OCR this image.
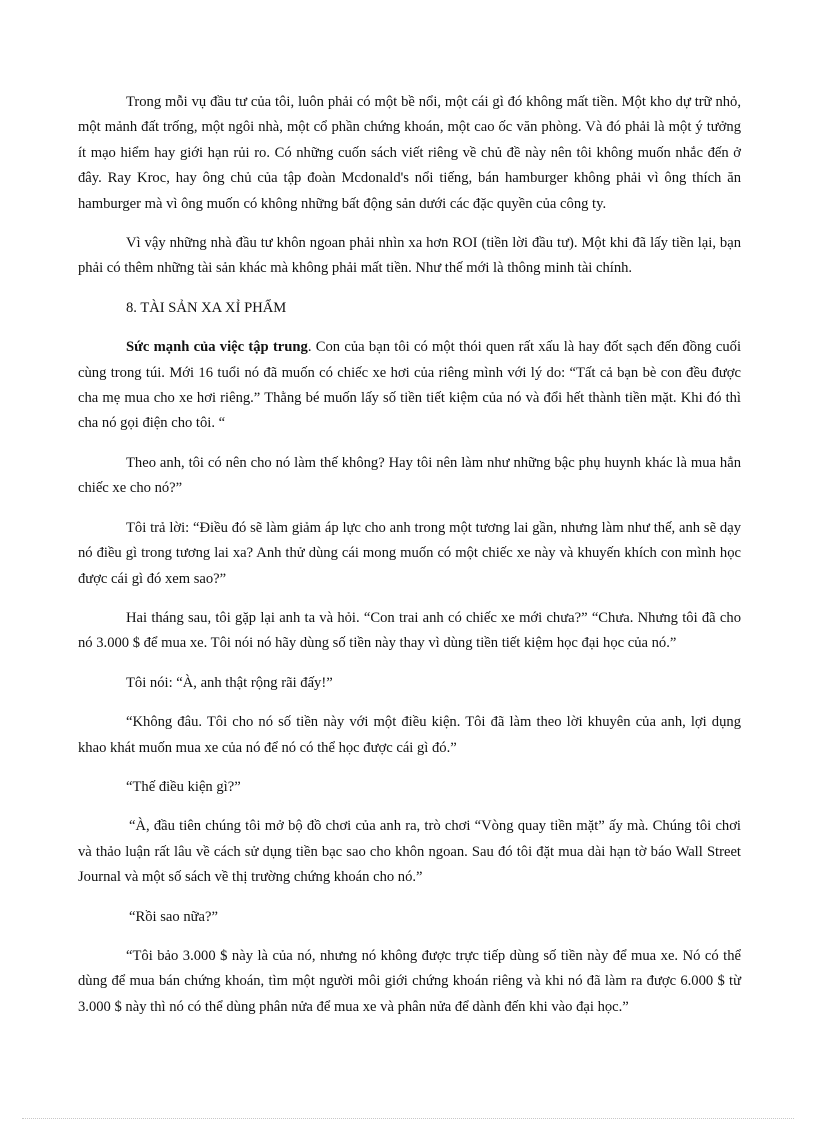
Trong mỗi vụ đầu tư của tôi, luôn phải có một bề nổi, một cái gì đó không mất tiền. Một kho dự trữ nhỏ, một mảnh đất trống, một ngôi nhà, một cổ phần chứng khoán, một cao ốc văn phòng. Và đó phải là một ý tưởng ít mạo hiểm hay giới hạn rủi ro. Có những cuốn sách viết riêng về chủ đề này nên tôi không muốn nhắc đến ở đây. Ray Kroc, hay ông chủ của tập đoàn Mcdonald's nổi tiếng, bán hamburger không phải vì ông thích ăn hamburger mà vì ông muốn có không những bất động sản dưới các đặc quyền của công ty.

Vì vậy những nhà đầu tư khôn ngoan phải nhìn xa hơn ROI (tiền lời đầu tư). Một khi đã lấy tiền lại, bạn phải có thêm những tài sản khác mà không phải mất tiền. Như thế mới là thông minh tài chính.

8. TÀI SẢN XA XỈ PHẨM

Sức mạnh của việc tập trung. Con của bạn tôi có một thói quen rất xấu là hay đốt sạch đến đồng cuối cùng trong túi. Mới 16 tuổi nó đã muốn có chiếc xe hơi của riêng mình với lý do: “Tất cả bạn bè con đều được cha mẹ mua cho xe hơi riêng.” Thằng bé muốn lấy số tiền tiết kiệm của nó và đổi hết thành tiền mặt. Khi đó thì cha nó gọi điện cho tôi. “

Theo anh, tôi có nên cho nó làm thế không? Hay tôi nên làm như những bậc phụ huynh khác là mua hẳn chiếc xe cho nó?”

Tôi trả lời: “Điều đó sẽ làm giảm áp lực cho anh trong một tương lai gần, nhưng làm như thế, anh sẽ dạy nó điều gì trong tương lai xa? Anh thử dùng cái mong muốn có một chiếc xe này và khuyến khích con mình học được cái gì đó xem sao?”

Hai tháng sau, tôi gặp lại anh ta và hỏi. “Con trai anh có chiếc xe mới chưa?” “Chưa. Nhưng tôi đã cho nó 3.000 $ để mua xe. Tôi nói nó hãy dùng số tiền này thay vì dùng tiền tiết kiệm học đại học của nó.”

Tôi nói: “À, anh thật rộng rãi đấy!”

“Không đâu. Tôi cho nó số tiền này với một điều kiện. Tôi đã làm theo lời khuyên của anh, lợi dụng khao khát muốn mua xe của nó để nó có thể học được cái gì đó.”

“Thế điều kiện gì?”

“À, đầu tiên chúng tôi mở bộ đồ chơi của anh ra, trò chơi “Vòng quay tiền mặt” ấy mà. Chúng tôi chơi và thảo luận rất lâu về cách sử dụng tiền bạc sao cho khôn ngoan. Sau đó tôi đặt mua dài hạn tờ báo Wall Street Journal và một số sách về thị trường chứng khoán cho nó.”

“Rồi sao nữa?”

“Tôi bảo 3.000 $ này là của nó, nhưng nó không được trực tiếp dùng số tiền này để mua xe. Nó có thể dùng để mua bán chứng khoán, tìm một người môi giới chứng khoán riêng và khi nó đã làm ra được 6.000 $ từ 3.000 $ này thì nó có thể dùng phân nửa để mua xe và phân nửa để dành đến khi vào đại học.”
